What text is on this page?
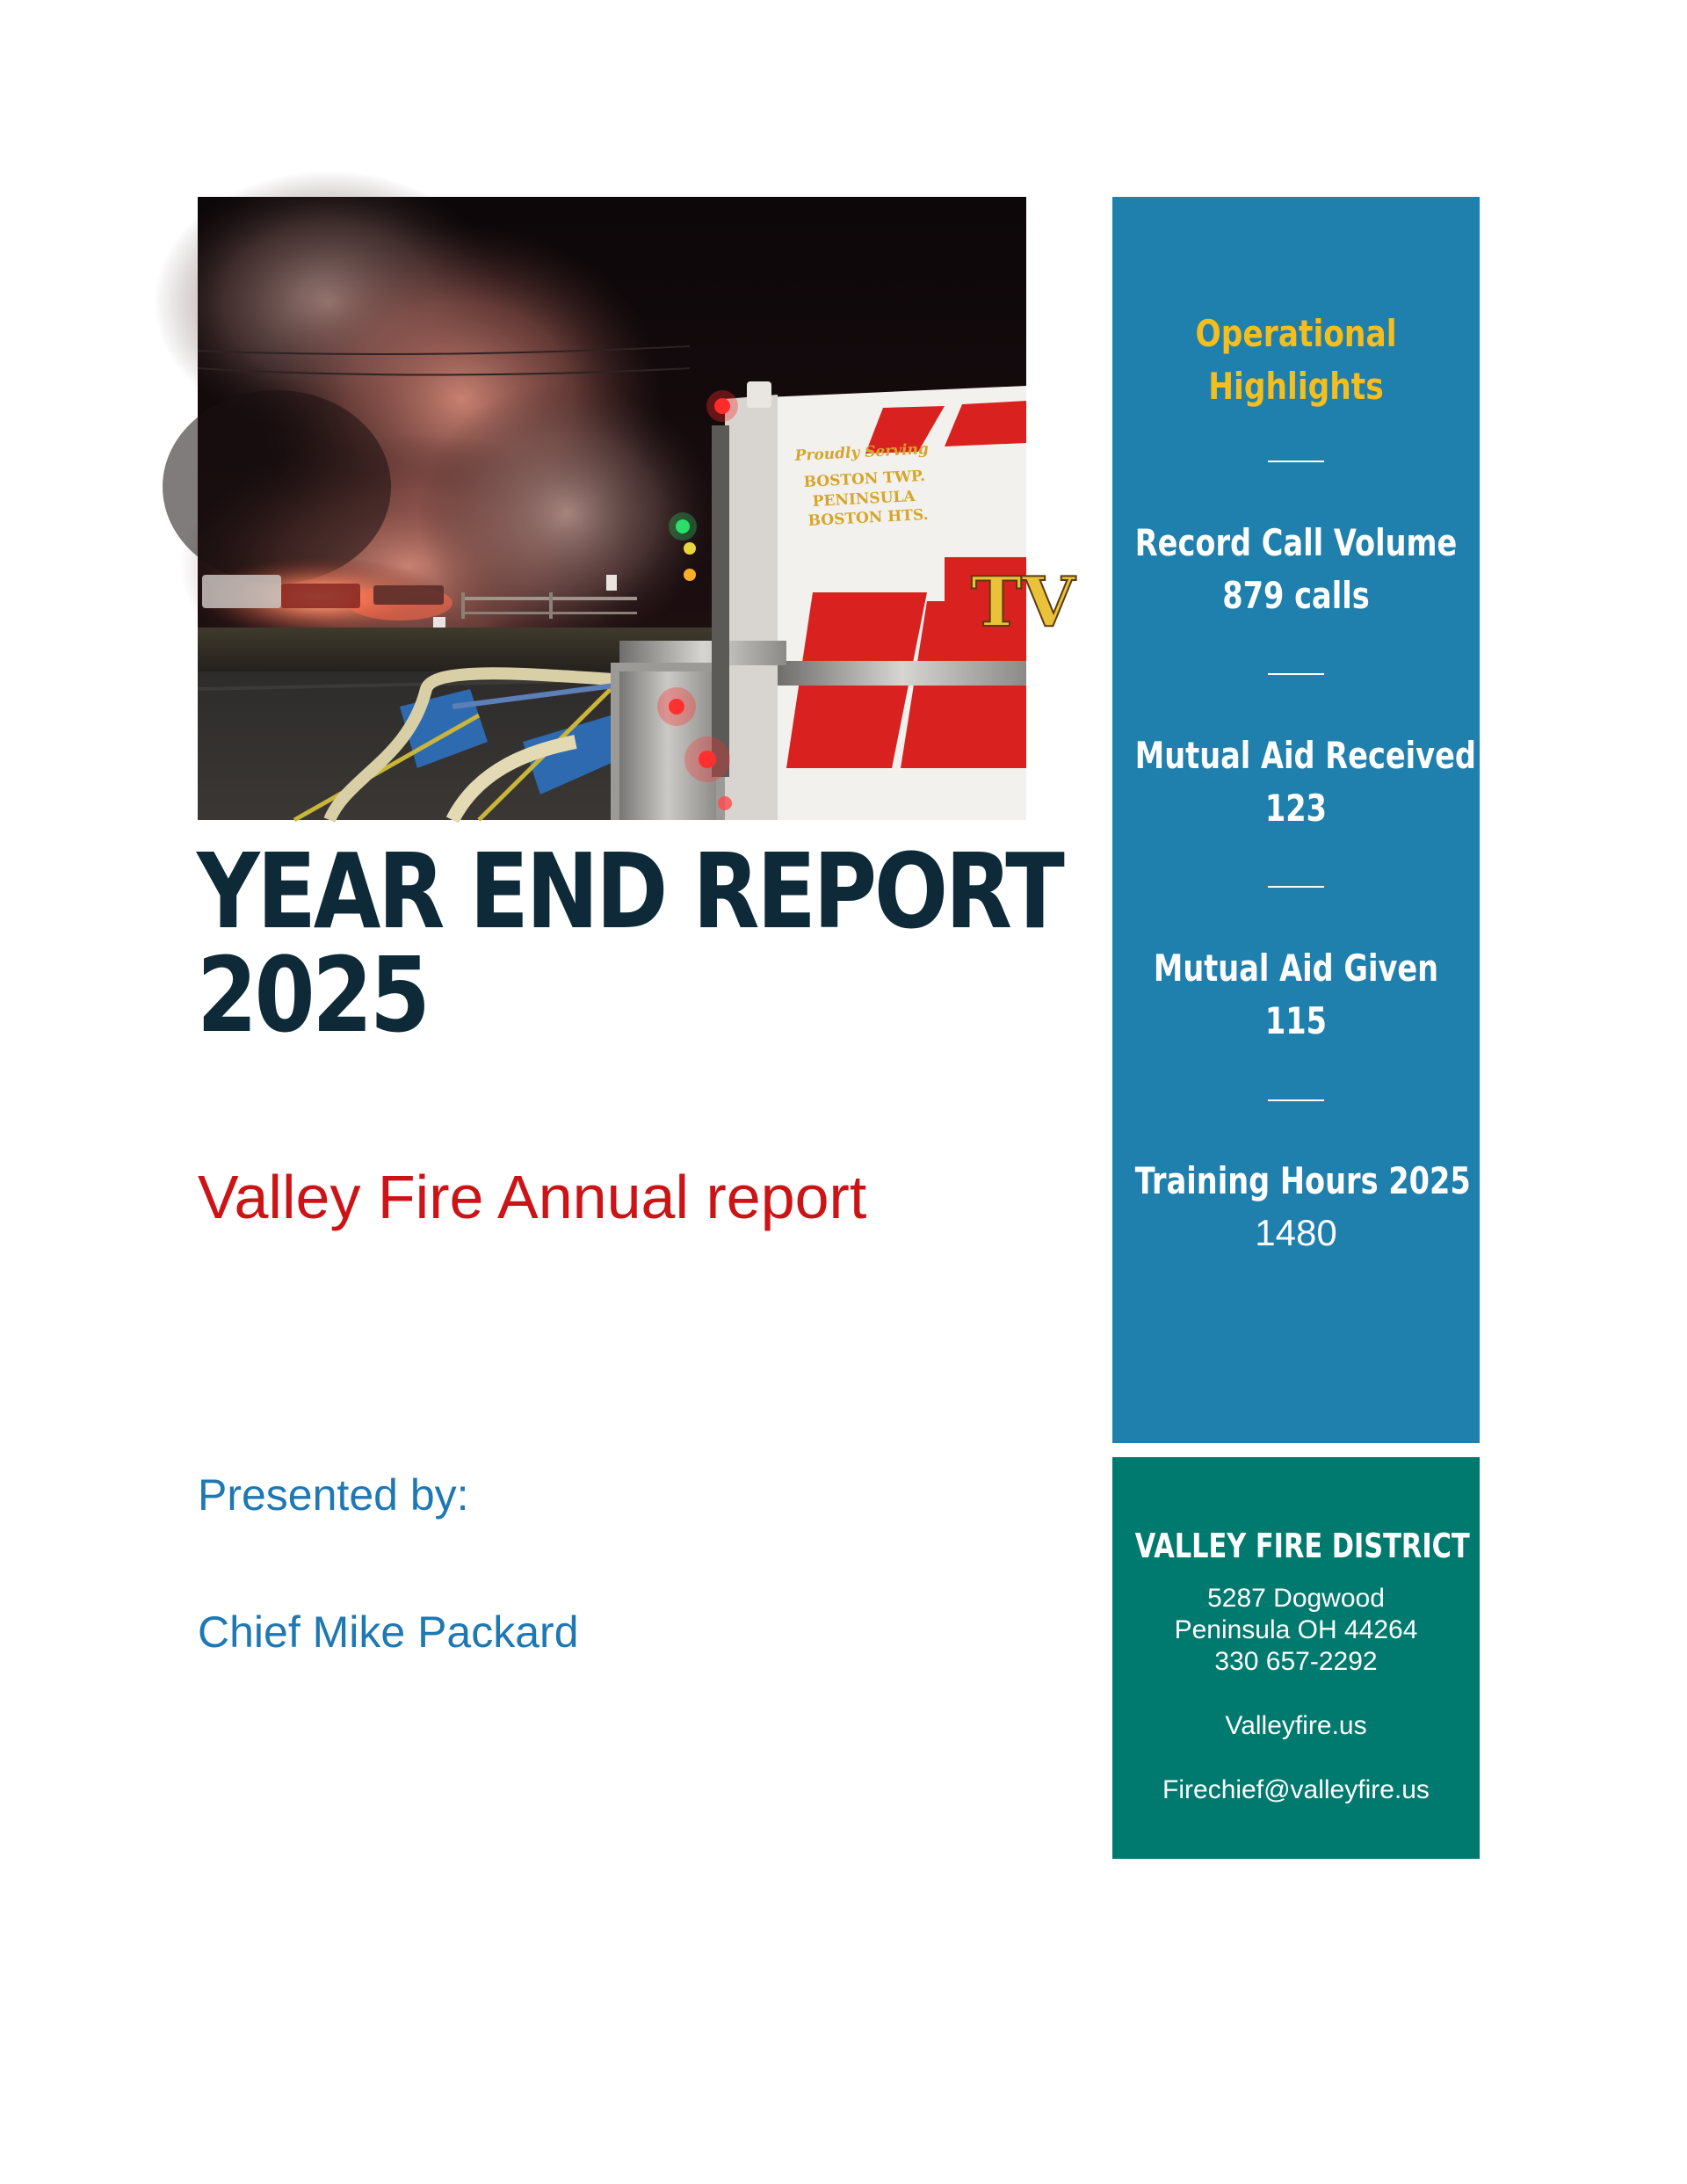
TV
Proudly Serving
BOSTON TWP.
PENINSULA
BOSTON HTS.
YEAR END REPORT
2025
Valley Fire Annual report
Presented by:
Chief Mike Packard
Operational
Highlights
Record Call Volume
879 calls
Mutual Aid Received
123
Mutual Aid Given
115
Training Hours 2025
1480
VALLEY FIRE DISTRICT
5287 Dogwood
Peninsula OH 44264
330 657-2292
Valleyfire.us
Firechief@valleyfire.us
